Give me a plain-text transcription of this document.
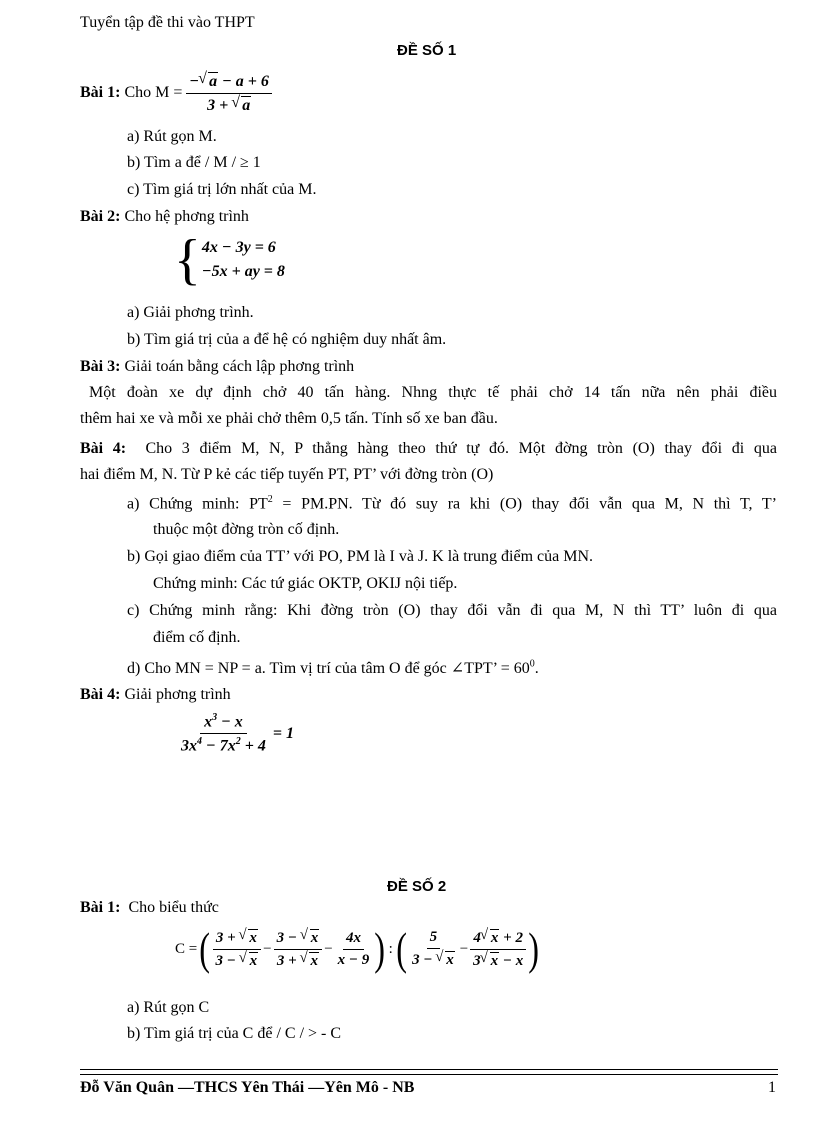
Tuyển tập đề thi vào THPT
ĐỀ SỐ 1
Bài 1:
Cho M =
$\frac{- √ a - a + 6}{3 + √ a}$
a) Rút gọn M.
b) Tìm a để / M / ≥ 1
c) Tìm giá trị lớn nhất của M.
Bài 2: Cho hệ phơng trình
{ 4x − 3y = 6
−5x + ay = 8
a) Giải phơng trình.
b) Tìm giá trị của a để hệ có nghiệm duy nhất âm.
Bài 3: Giải toán bằng cách lập phơng trình
Một đoàn xe dự định chở 40 tấn hàng. Nhng thực tế phải chở 14 tấn nữa nên phải điều
thêm hai xe và mỗi xe phải chở thêm 0,5 tấn. Tính số xe ban đầu.
Bài 4: Cho 3 điểm M, N, P thẳng hàng theo thứ tự đó. Một đờng tròn (O) thay đổi đi qua
hai điểm M, N. Từ P kẻ các tiếp tuyến PT, PT’ với đờng tròn (O)
a) Chứng minh: $PT^2 = PM.PN$. Từ đó suy ra khi (O) thay đổi vẫn qua M, N thì T, T’
thuộc một đờng tròn cố định.
b) Gọi giao điểm của TT’ với PO, PM là I và J. K là trung điểm của MN.
Chứng minh: Các tứ giác OKTP, OKIJ nội tiếp.
c) Chứng minh rằng: Khi đờng tròn (O) thay đổi vẫn đi qua M, N thì TT’ luôn đi qua
điểm cố định.
d) Cho MN = NP = a. Tìm vị trí của tâm O để góc ∠TPT’ = $60^0$.
Bài 4: Giải phơng trình
$\frac{x^3 - x}{3x^4 - 7x^2 + 4} = 1$
ĐỀ SỐ 2
Bài 1: Cho biểu thức
C = ( $\frac{3 + √ x}{3 - √ x} - \frac{3 - √ x}{3 + √ x} - \frac{4x}{x - 9}$ ) : ( $\frac{5}{3 - √ x} - \frac{4 √ x + 2}{3 √ x - x}$ )
a) Rút gọn C
b) Tìm giá trị của C để / C / > - C
Đỗ Văn Quân —THCS Yên Thái —Yên Mô - NB	1
